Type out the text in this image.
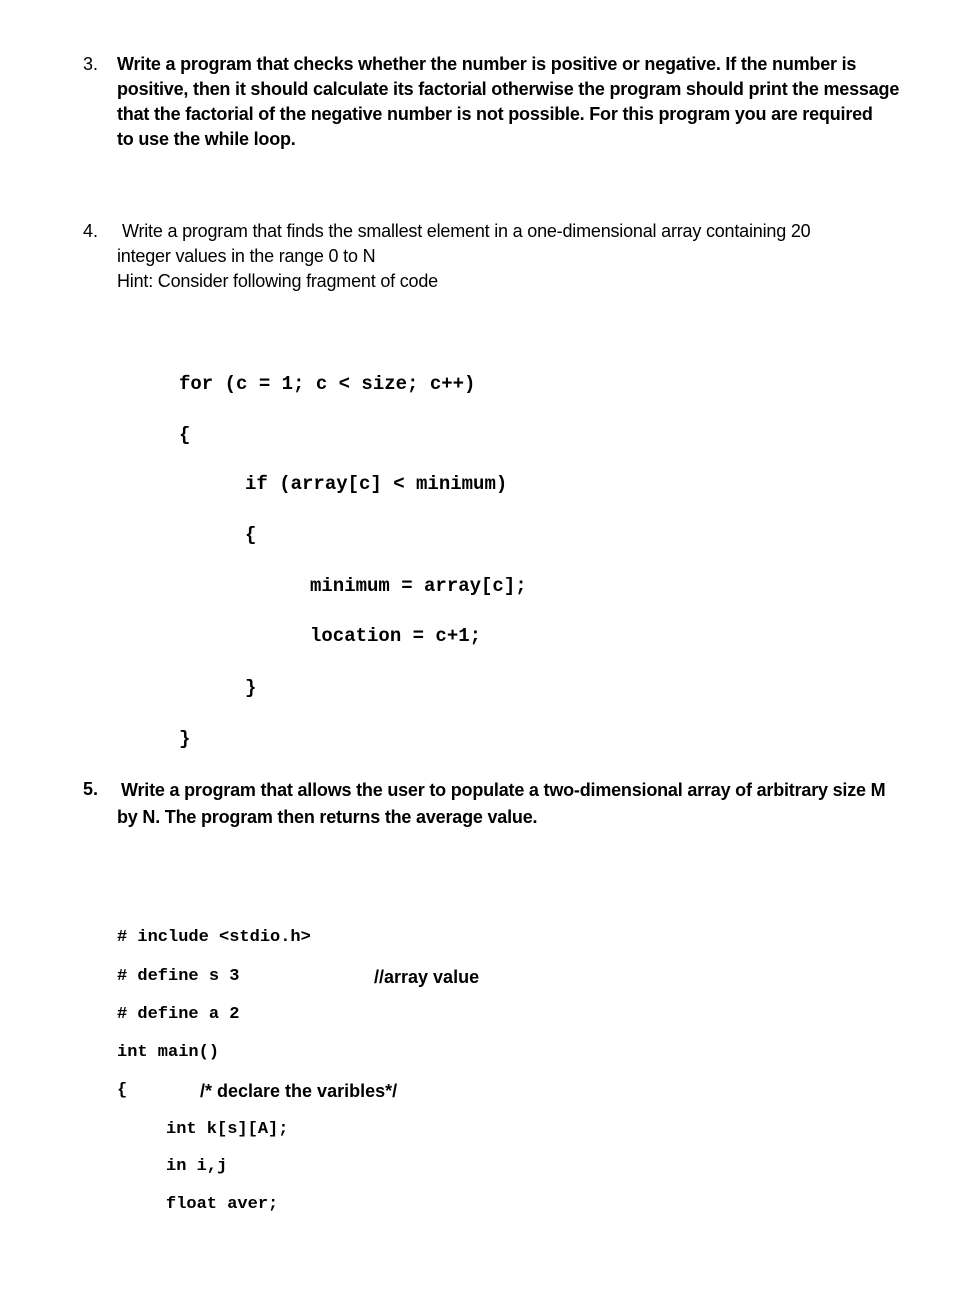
3. Write a program that checks whether the number is positive or negative. If the number is
positive, then it should calculate its factorial otherwise the program should print the message
that the factorial of the negative number is not possible. For this program you are required
to use the while loop.
4. Write a program that finds the smallest element in a one-dimensional array containing 20
integer values in the range 0 to N
Hint: Consider following fragment of code
for (c = 1; c < size; c++)
{
if (array[c] < minimum)
{
minimum = array[c];
location = c+1;
}
}
5. Write a program that allows the user to populate a two-dimensional array of arbitrary size M
by N. The program then returns the average value.
# include <stdio.h>
# define s 3	//array value
# define a 2
int main()
{	/* declare the varibles*/
int k[s][A];
in i,j
float aver;
